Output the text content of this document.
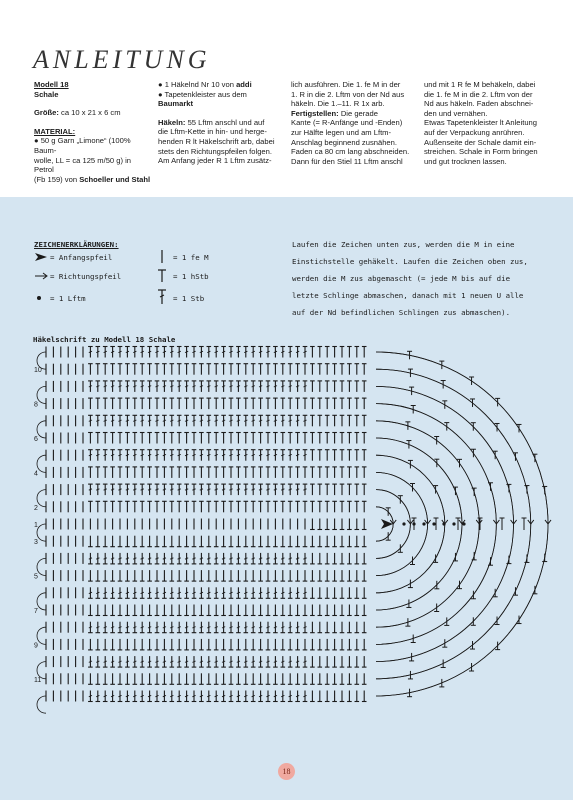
ANLEITUNG

Modell 18

Schale

Größe: ca 10 x 21 x 6 cm

MATERIAL:

● 50 g Garn „Limone“ (100% Baum-

wolle, LL = ca 125 m/50 g) in Petrol

(Fb 159) von Schoeller und Stahl

● 1 Häkelnd Nr 10 von addi

● Tapetenkleister aus dem

Baumarkt

Häkeln: 55 Lftm anschl und auf

die Lftm-Kette in hin- und herge-

henden R lt Häkelschrift arb, dabei

stets den Richtungspfeilen folgen.

Am Anfang jeder R 1 Lftm zusätz-

lich ausführen. Die 1. fe M in der

1. R in die 2. Lftm von der Nd aus

häkeln. Die 1.–11. R 1x arb.

Fertigstellen: Die gerade

Kante (= R-Anfänge und -Enden)

zur Hälfte legen und am Lftm-

Anschlag beginnend zusnähen.

Faden ca 80 cm lang abschneiden.

Dann für den Stiel 11 Lftm anschl

und mit 1 R fe M behäkeln, dabei

die 1. fe M in die 2. Lftm von der

Nd aus häkeln. Faden abschnei-

den und vernähen.

Etwas Tapetenkleister lt Anleitung

auf der Verpackung anrühren.

Außenseite der Schale damit ein-

streichen. Schale in Form bringen

und gut trocknen lassen.

ZEICHENERKLÄRUNGEN:
= Anfangspfeil
= Richtungspfeil
= 1 Lftm
= 1 fe M
= 1 hStb
= 1 Stb
Laufen die Zeichen unten zus, werden die M in eine
Einstichstelle gehäkelt. Laufen die Zeichen oben zus,
werden die M zus abgemascht (= jede M bis auf die
letzte Schlinge abmaschen, danach mit 1 neuen U alle
auf der Nd befindlichen Schlingen zus abmaschen).
Häkelschrift zu Modell 18 Schale
10
8
6
4
2
1
3
5
7
9
11
18
